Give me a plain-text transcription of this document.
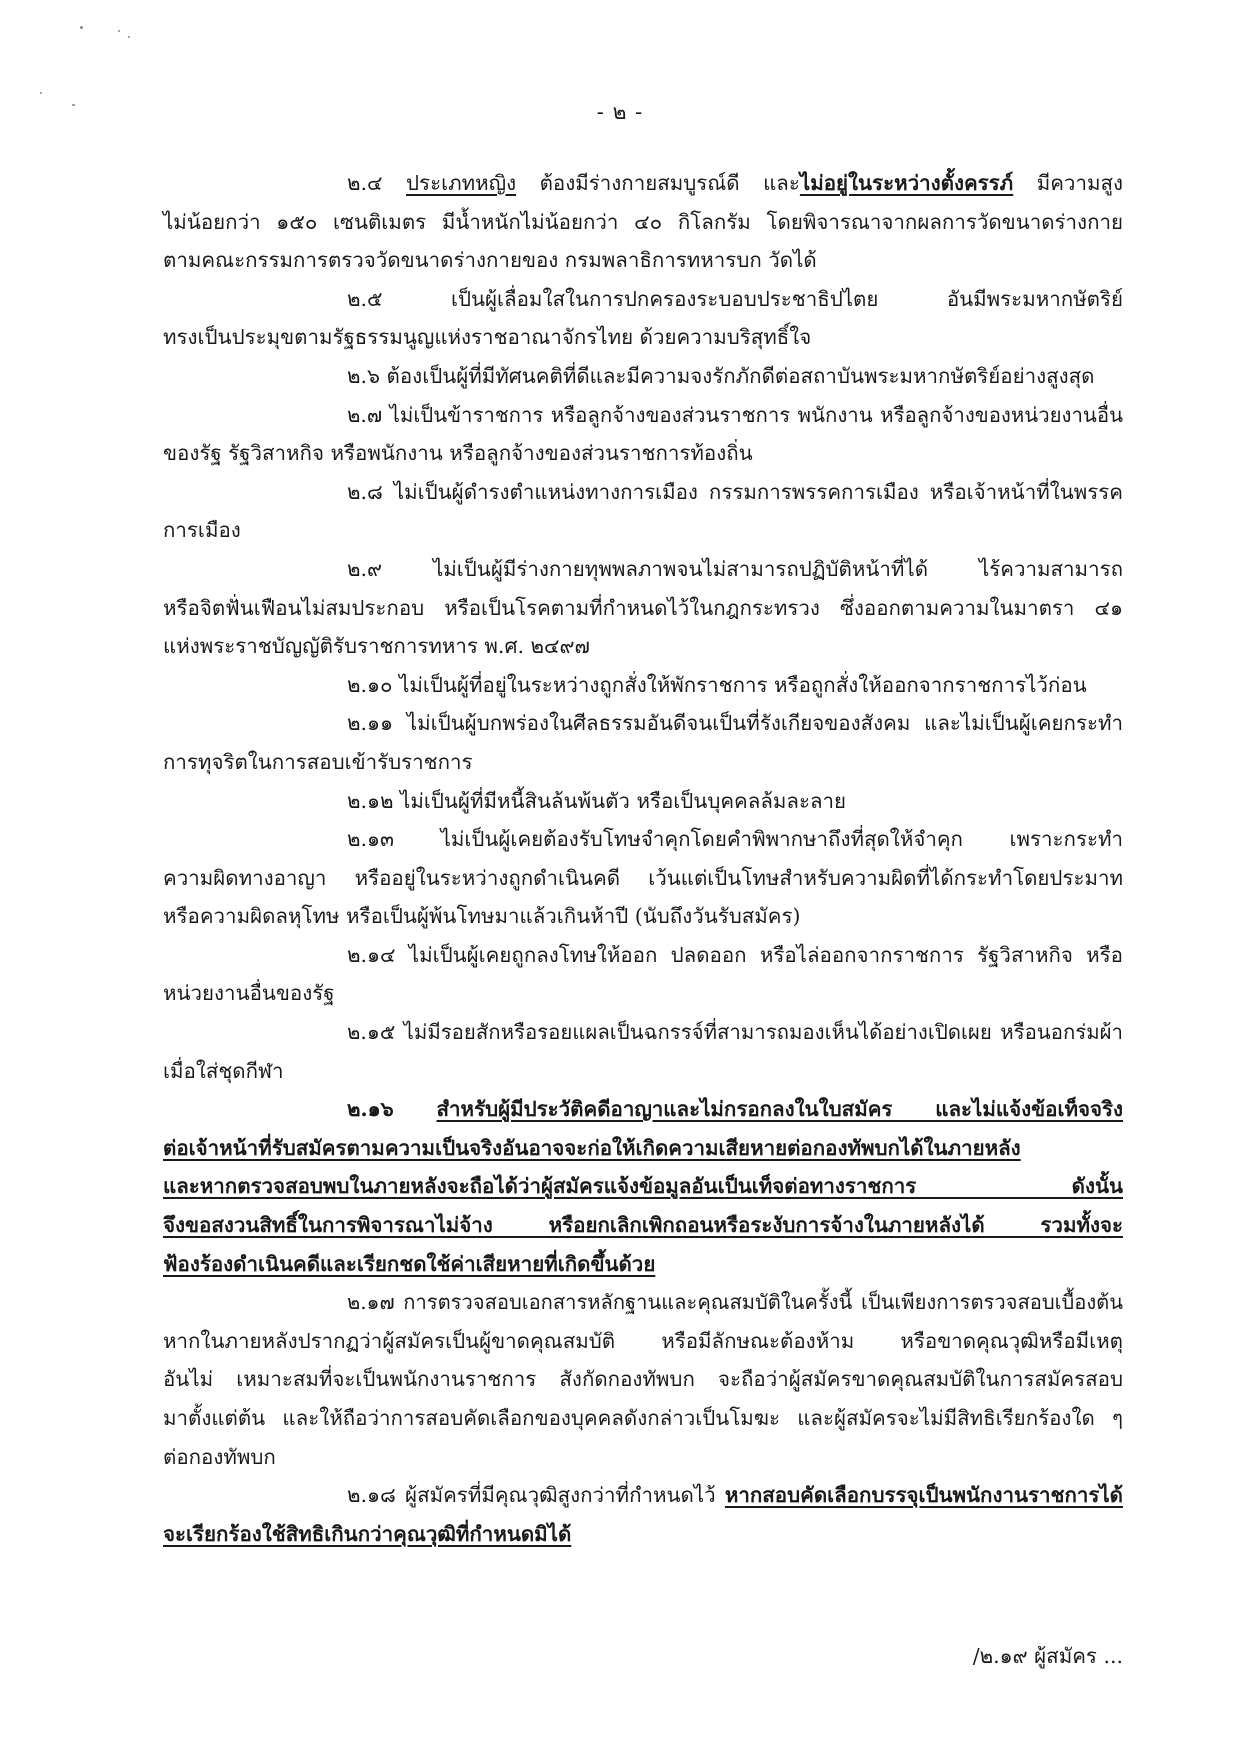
- ๒ -
๒.๔ ประเภทหญิง ต้องมีร่างกายสมบูรณ์ดี และไม่อยู่ในระหว่างตั้งครรภ์ มีความสูง
ไม่น้อยกว่า ๑๕๐ เซนติเมตร มีน้ำหนักไม่น้อยกว่า ๔๐ กิโลกรัม โดยพิจารณาจากผลการวัดขนาดร่างกาย
ตามคณะกรรมการตรวจวัดขนาดร่างกายของ กรมพลาธิการทหารบก วัดได้
๒.๕ เป็นผู้เลื่อมใสในการปกครองระบอบประชาธิปไตย อันมีพระมหากษัตริย์
ทรงเป็นประมุขตามรัฐธรรมนูญแห่งราชอาณาจักรไทย ด้วยความบริสุทธิ์ใจ
๒.๖ ต้องเป็นผู้ที่มีทัศนคติที่ดีและมีความจงรักภักดีต่อสถาบันพระมหากษัตริย์อย่างสูงสุด
๒.๗ ไม่เป็นข้าราชการ หรือลูกจ้างของส่วนราชการ พนักงาน หรือลูกจ้างของหน่วยงานอื่น
ของรัฐ รัฐวิสาหกิจ หรือพนักงาน หรือลูกจ้างของส่วนราชการท้องถิ่น
๒.๘ ไม่เป็นผู้ดำรงตำแหน่งทางการเมือง กรรมการพรรคการเมือง หรือเจ้าหน้าที่ในพรรค
การเมือง
๒.๙ ไม่เป็นผู้มีร่างกายทุพพลภาพจนไม่สามารถปฏิบัติหน้าที่ได้ ไร้ความสามารถ
หรือจิตฟั่นเฟือนไม่สมประกอบ หรือเป็นโรคตามที่กำหนดไว้ในกฎกระทรวง ซึ่งออกตามความในมาตรา ๔๑
แห่งพระราชบัญญัติรับราชการทหาร พ.ศ. ๒๔๙๗
๒.๑๐ ไม่เป็นผู้ที่อยู่ในระหว่างถูกสั่งให้พักราชการ หรือถูกสั่งให้ออกจากราชการไว้ก่อน
๒.๑๑ ไม่เป็นผู้บกพร่องในศีลธรรมอันดีจนเป็นที่รังเกียจของสังคม และไม่เป็นผู้เคยกระทำ
การทุจริตในการสอบเข้ารับราชการ
๒.๑๒ ไม่เป็นผู้ที่มีหนี้สินล้นพ้นตัว หรือเป็นบุคคลล้มละลาย
๒.๑๓ ไม่เป็นผู้เคยต้องรับโทษจำคุกโดยคำพิพากษาถึงที่สุดให้จำคุก เพราะกระทำ
ความผิดทางอาญา หรืออยู่ในระหว่างถูกดำเนินคดี เว้นแต่เป็นโทษสำหรับความผิดที่ได้กระทำโดยประมาท
หรือความผิดลหุโทษ หรือเป็นผู้พ้นโทษมาแล้วเกินห้าปี (นับถึงวันรับสมัคร)
๒.๑๔ ไม่เป็นผู้เคยถูกลงโทษให้ออก ปลดออก หรือไล่ออกจากราชการ รัฐวิสาหกิจ หรือ
หน่วยงานอื่นของรัฐ
๒.๑๕ ไม่มีรอยสักหรือรอยแผลเป็นฉกรรจ์ที่สามารถมองเห็นได้อย่างเปิดเผย หรือนอกร่มผ้า
เมื่อใส่ชุดกีฬา
๒.๑๖ สำหรับผู้มีประวัติคดีอาญาและไม่กรอกลงในใบสมัคร และไม่แจ้งข้อเท็จจริง
ต่อเจ้าหน้าที่รับสมัครตามความเป็นจริงอันอาจจะก่อให้เกิดความเสียหายต่อกองทัพบกได้ในภายหลัง
และหากตรวจสอบพบในภายหลังจะถือได้ว่าผู้สมัครแจ้งข้อมูลอันเป็นเท็จต่อทางราชการ ดังนั้น
จึงขอสงวนสิทธิ์ในการพิจารณาไม่จ้าง หรือยกเลิกเพิกถอนหรือระงับการจ้างในภายหลังได้ รวมทั้งจะ
ฟ้องร้องดำเนินคดีและเรียกชดใช้ค่าเสียหายที่เกิดขึ้นด้วย
๒.๑๗ การตรวจสอบเอกสารหลักฐานและคุณสมบัติในครั้งนี้ เป็นเพียงการตรวจสอบเบื้องต้น
หากในภายหลังปรากฏว่าผู้สมัครเป็นผู้ขาดคุณสมบัติ หรือมีลักษณะต้องห้าม หรือขาดคุณวุฒิหรือมีเหตุ
อันไม่ เหมาะสมที่จะเป็นพนักงานราชการ สังกัดกองทัพบก จะถือว่าผู้สมัครขาดคุณสมบัติในการสมัครสอบ
มาตั้งแต่ต้น และให้ถือว่าการสอบคัดเลือกของบุคคลดังกล่าวเป็นโมฆะ และผู้สมัครจะไม่มีสิทธิเรียกร้องใด ๆ
ต่อกองทัพบก
๒.๑๘ ผู้สมัครที่มีคุณวุฒิสูงกว่าที่กำหนดไว้ หากสอบคัดเลือกบรรจุเป็นพนักงานราชการได้
จะเรียกร้องใช้สิทธิเกินกว่าคุณวุฒิที่กำหนดมิได้
/๒.๑๙ ผู้สมัคร ...
